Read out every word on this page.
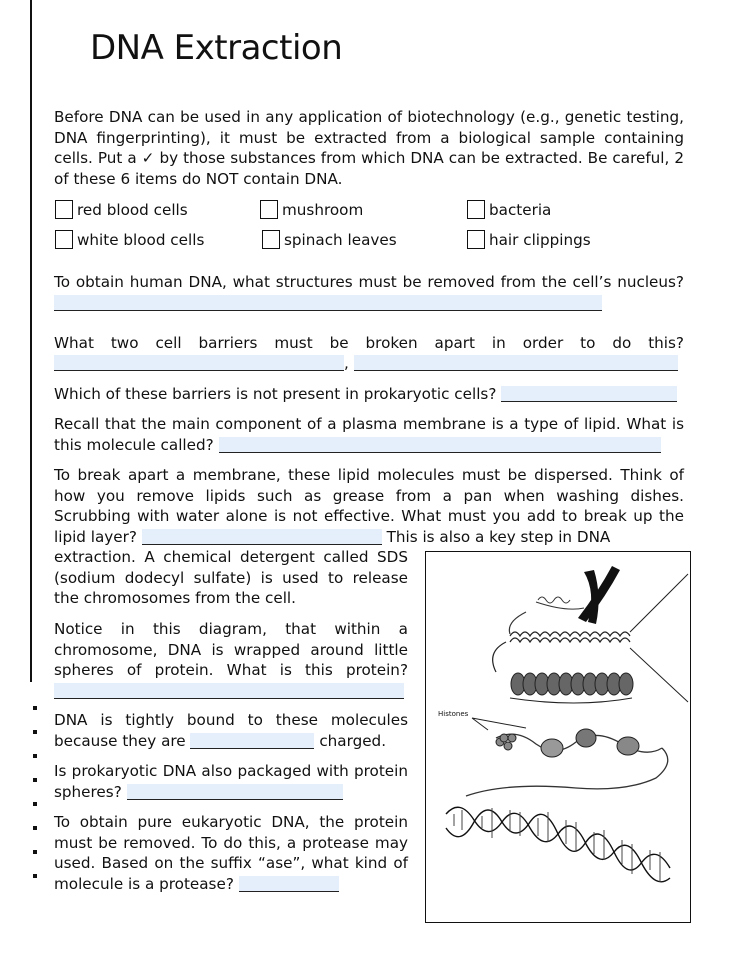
DNA Extraction
Before DNA can be used in any application of biotechnology (e.g., genetic testing, DNA fingerprinting), it must be extracted from a biological sample containing cells. Put a ✓ by those substances from which DNA can be extracted. Be careful, 2 of these 6 items do NOT contain DNA.
red blood cells	mushroom	bacteria
white blood cells	spinach leaves	hair clippings
To obtain human DNA, what structures must be removed from the cell’s nucleus?
What two cell barriers must be broken apart in order to do this?
,
Which of these barriers is not present in prokaryotic cells?
Recall that the main component of a plasma membrane is a type of lipid. What is this molecule called?
To break apart a membrane, these lipid molecules must be dispersed. Think of how you remove lipids such as grease from a pan when washing dishes. Scrubbing with water alone is not effective. What must you add to break up the lipid layer?	This is also a key step in DNA
extraction. A chemical detergent called SDS (sodium dodecyl sulfate) is used to release the chromosomes from the cell.
Notice in this diagram, that within a chromosome, DNA is wrapped around little spheres of protein. What is this protein?
DNA is tightly bound to these molecules because they are	charged.
Is prokaryotic DNA also packaged with protein spheres?
To obtain pure eukaryotic DNA, the protein must be removed. To do this, a protease may used. Based on the suffix “ase”, what kind of molecule is a protease?
Histones
